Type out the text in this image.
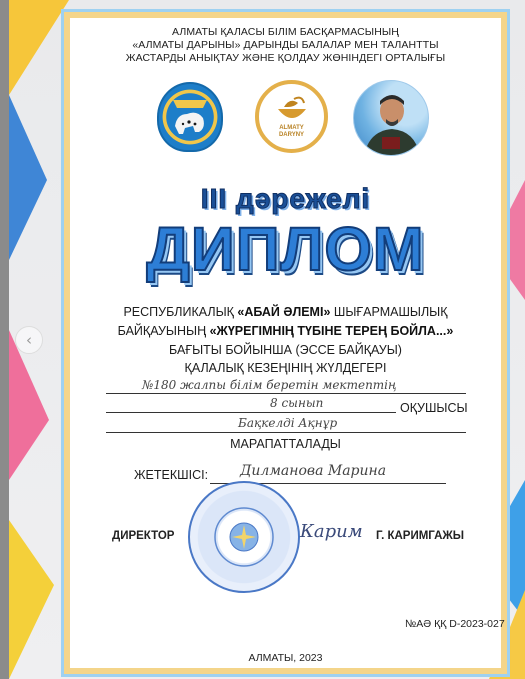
АЛМАТЫ ҚАЛАСЫ БІЛІМ БАСҚАРМАСЫНЫҢ
«АЛМАТЫ ДАРЫНЫ» ДАРЫНДЫ БАЛАЛАР МЕН ТАЛАНТТЫ
ЖАСТАРДЫ АНЫҚТАУ ЖӘНЕ ҚОЛДАУ ЖӨНІНДЕГІ ОРТАЛЫҒЫ
ALMATY
DARYNY
III дәрежелі
ДИПЛОМ
РЕСПУБЛИКАЛЫҚ «АБАЙ ӘЛЕМІ» ШЫҒАРМАШЫЛЫҚ
БАЙҚАУЫНЫҢ «ЖҮРЕГІМНІҢ ТҮБІНЕ ТЕРЕҢ БОЙЛА...»
БАҒЫТЫ БОЙЫНША (ЭССЕ БАЙҚАУЫ)
ҚАЛАЛЫҚ КЕЗЕҢІНІҢ ЖҮЛДЕГЕРІ
№180 жалпы білім беретін мектептің
8 сынып	ОҚУШЫСЫ
Бақкелді Ақнұр
МАРАПАТТАЛАДЫ
ЖЕТЕКШІСІ: Дилманова Марина
ДИРЕКТОР	Карим Г. КАРИМГАЖЫ
№АӘ ҚҚ D-2023-027
АЛМАТЫ, 2023
‹
